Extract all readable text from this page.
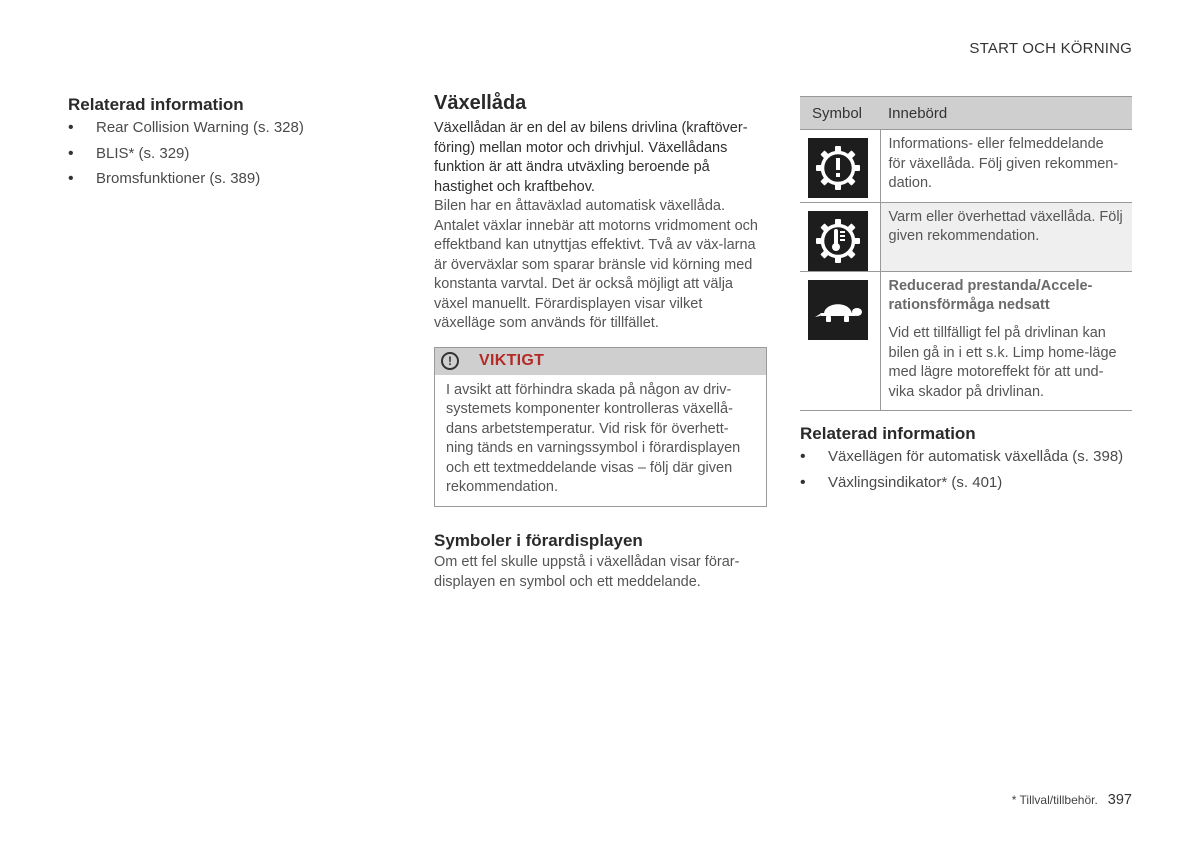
START OCH KÖRNING
Relaterad information
• Rear Collision Warning (s. 328)
• BLIS* (s. 329)
• Bromsfunktioner (s. 389)
Växellåda

Växellådan är en del av bilens drivlina (kraftöver-föring) mellan motor och drivhjul. Växellådans funktion är att ändra utväxling beroende på hastighet och kraftbehov.

Bilen har en åttaväxlad automatisk växellåda. Antalet växlar innebär att motorns vridmoment och effektband kan utnyttjas effektivt. Två av väx-larna är överväxlar som sparar bränsle vid körning med konstanta varvtal. Det är också möjligt att välja växel manuellt. Förardisplayen visar vilket växelläge som används för tillfället.

!	VIKTIGT
I avsikt att förhindra skada på någon av driv-systemets komponenter kontrolleras växellå-dans arbetstemperatur. Vid risk för överhett-ning tänds en varningssymbol i förardisplayen och ett textmeddelande visas – följ där given rekommendation.
Symboler i förardisplayen

Om ett fel skulle uppstå i växellådan visar förar-displayen en symbol och ett meddelande.

Symbol	Innebörd

	Informations- eller felmeddelande för växellåda. Följ given rekommen-dation.

	Varm eller överhettad växellåda. Följ given rekommendation.

Reducerad prestanda/Accele-rationsförmåga nedsatt
Vid ett tillfälligt fel på drivlinan kan bilen gå in i ett s.k. Limp home-läge med lägre motoreffekt för att und-vika skador på drivlinan.
Relaterad information
• Växellägen för automatisk växellåda (s. 398)
• Växlingsindikator* (s. 401)
* Tillval/tillbehör. 397
